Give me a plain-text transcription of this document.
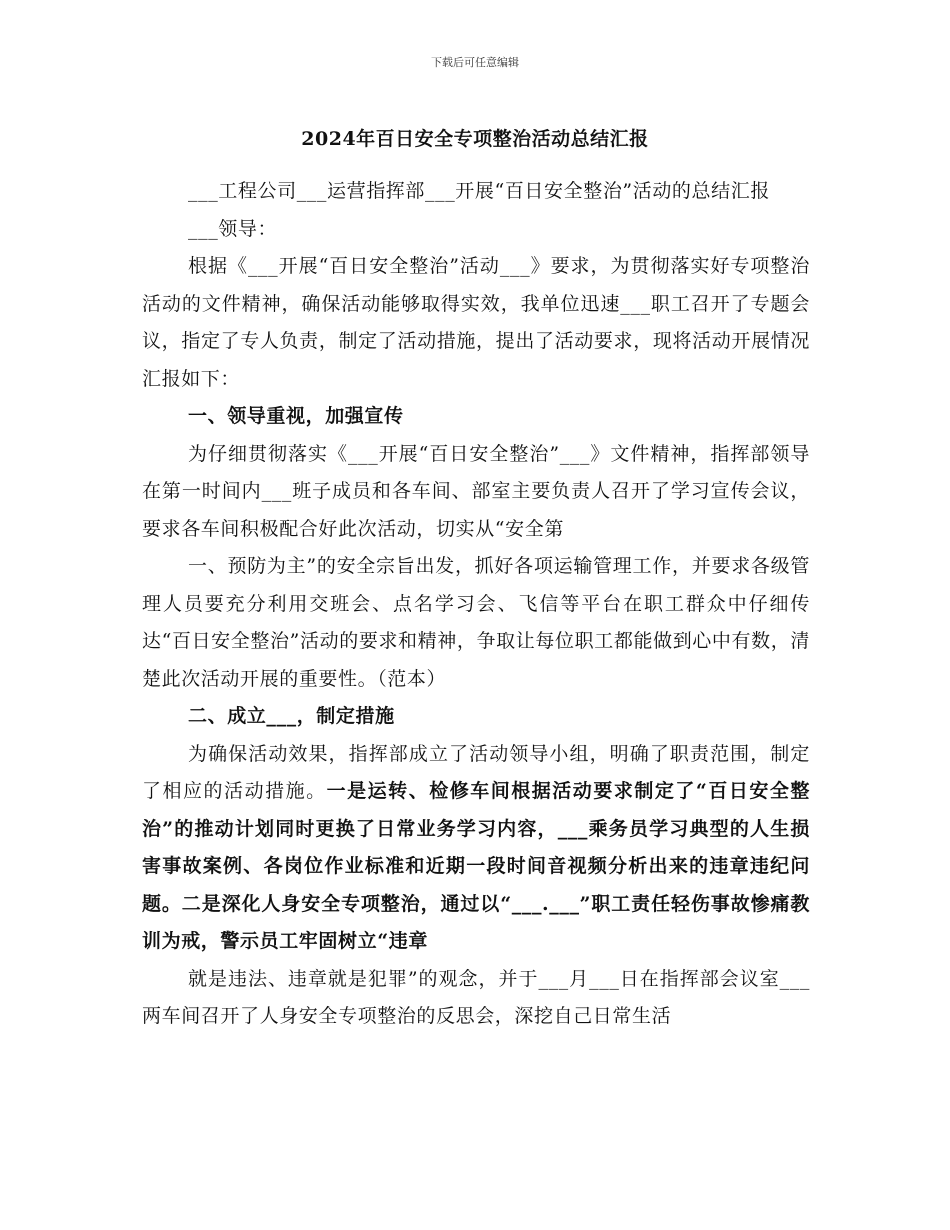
下载后可任意编辑
2024年百日安全专项整治活动总结汇报

___工程公司___运营指挥部___开展“百日安全整治”活动的总结汇报

___领导：

根据《___开展“百日安全整治”活动___》要求，为贯彻落实好专项整治活动的文件精神，确保活动能够取得实效，我单位迅速___职工召开了专题会议，指定了专人负责，制定了活动措施，提出了活动要求，现将活动开展情况汇报如下：

一、领导重视，加强宣传

为仔细贯彻落实《___开展“百日安全整治”___》文件精神，指挥部领导在第一时间内___班子成员和各车间、部室主要负责人召开了学习宣传会议，要求各车间积极配合好此次活动，切实从“安全第

一、预防为主”的安全宗旨出发，抓好各项运输管理工作，并要求各级管理人员要充分利用交班会、点名学习会、飞信等平台在职工群众中仔细传达“百日安全整治”活动的要求和精神，争取让每位职工都能做到心中有数，清楚此次活动开展的重要性。（范本）

二、成立___，制定措施

为确保活动效果，指挥部成立了活动领导小组，明确了职责范围，制定了相应的活动措施。一是运转、检修车间根据活动要求制定了“百日安全整治”的推动计划同时更换了日常业务学习内容，___乘务员学习典型的人生损害事故案例、各岗位作业标准和近期一段时间音视频分析出来的违章违纪问题。二是深化人身安全专项整治，通过以“___.___”职工责任轻伤事故惨痛教训为戒，警示员工牢固树立“违章

就是违法、违章就是犯罪”的观念，并于___月___日在指挥部会议室___两车间召开了人身安全专项整治的反思会，深挖自己日常生活
